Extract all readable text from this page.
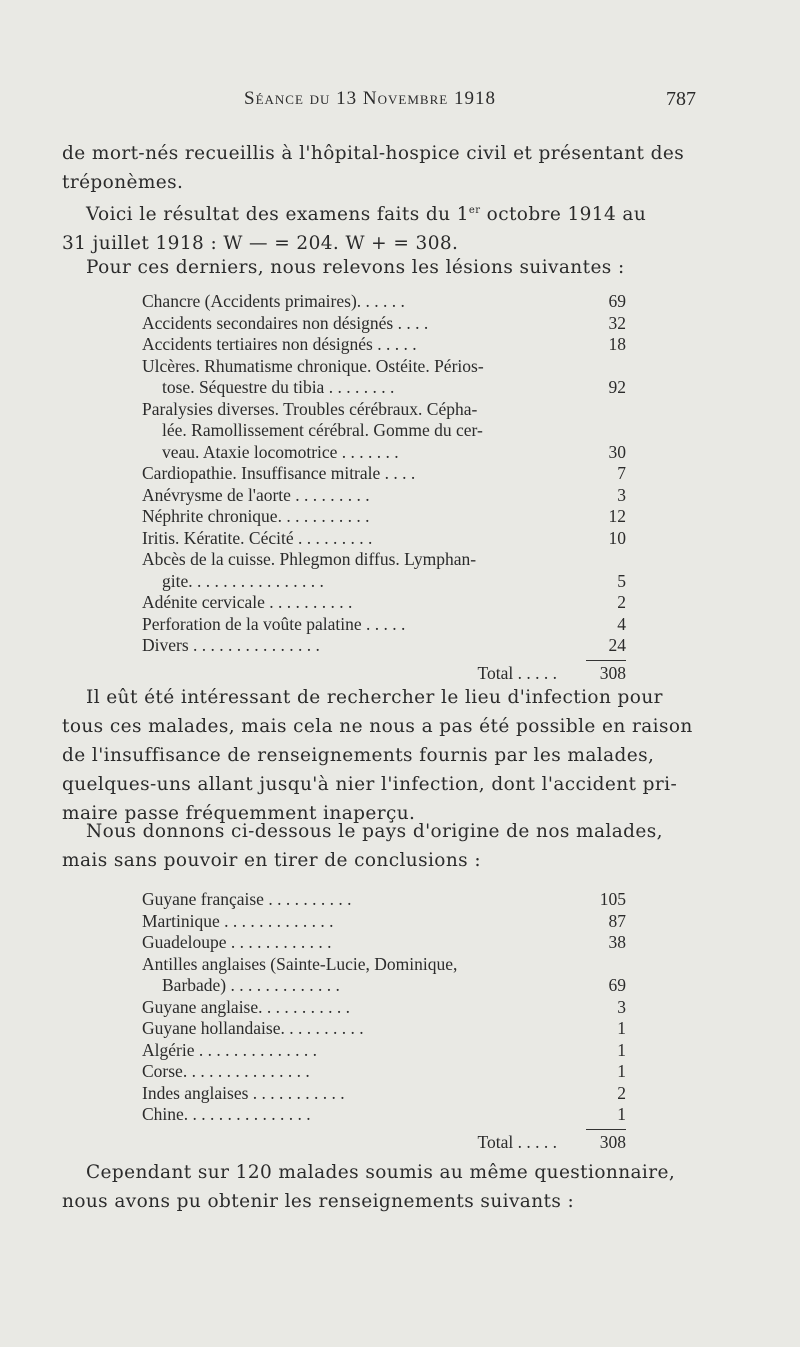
Séance du 13 Novembre 1918	787
de mort-nés recueillis à l'hôpital-hospice civil et présentant des
tréponèmes.
Voici le résultat des examens faits du 1er octobre 1914 au
31 juillet 1918 : W — = 204. W + = 308.
Pour ces derniers, nous relevons les lésions suivantes :
Chancre (Accidents primaires). . . . . .	69
Accidents secondaires non désignés . . . .	32
Accidents tertiaires non désignés . . . . .	18
Ulcères. Rhumatisme chronique. Ostéite. Périos-
tose. Séquestre du tibia . . . . . . . .	92
Paralysies diverses. Troubles cérébraux. Cépha-
lée. Ramollissement cérébral. Gomme du cer-
veau. Ataxie locomotrice . . . . . . .	30
Cardiopathie. Insuffisance mitrale . . . .	7
Anévrysme de l'aorte . . . . . . . . .	3
Néphrite chronique. . . . . . . . . . .	12
Iritis. Kératite. Cécité . . . . . . . . .	10
Abcès de la cuisse. Phlegmon diffus. Lymphan-
gite. . . . . . . . . . . . . . . .	5
Adénite cervicale . . . . . . . . . .	2
Perforation de la voûte palatine . . . . .	4
Divers . . . . . . . . . . . . . . .	24
Total . . . . . 308
Il eût été intéressant de rechercher le lieu d'infection pour
tous ces malades, mais cela ne nous a pas été possible en raison
de l'insuffisance de renseignements fournis par les malades,
quelques-uns allant jusqu'à nier l'infection, dont l'accident pri-
maire passe fréquemment inaperçu.
Nous donnons ci-dessous le pays d'origine de nos malades,
mais sans pouvoir en tirer de conclusions :
Guyane française . . . . . . . . . .	105
Martinique . . . . . . . . . . . . .	87
Guadeloupe . . . . . . . . . . . .	38
Antilles anglaises (Sainte-Lucie, Dominique,
Barbade) . . . . . . . . . . . . .	69
Guyane anglaise. . . . . . . . . . .	3
Guyane hollandaise. . . . . . . . . .	1
Algérie . . . . . . . . . . . . . .	1
Corse. . . . . . . . . . . . . . .	1
Indes anglaises . . . . . . . . . . .	2
Chine. . . . . . . . . . . . . . .	1
Total . . . . . 308
Cependant sur 120 malades soumis au même questionnaire,
nous avons pu obtenir les renseignements suivants :
